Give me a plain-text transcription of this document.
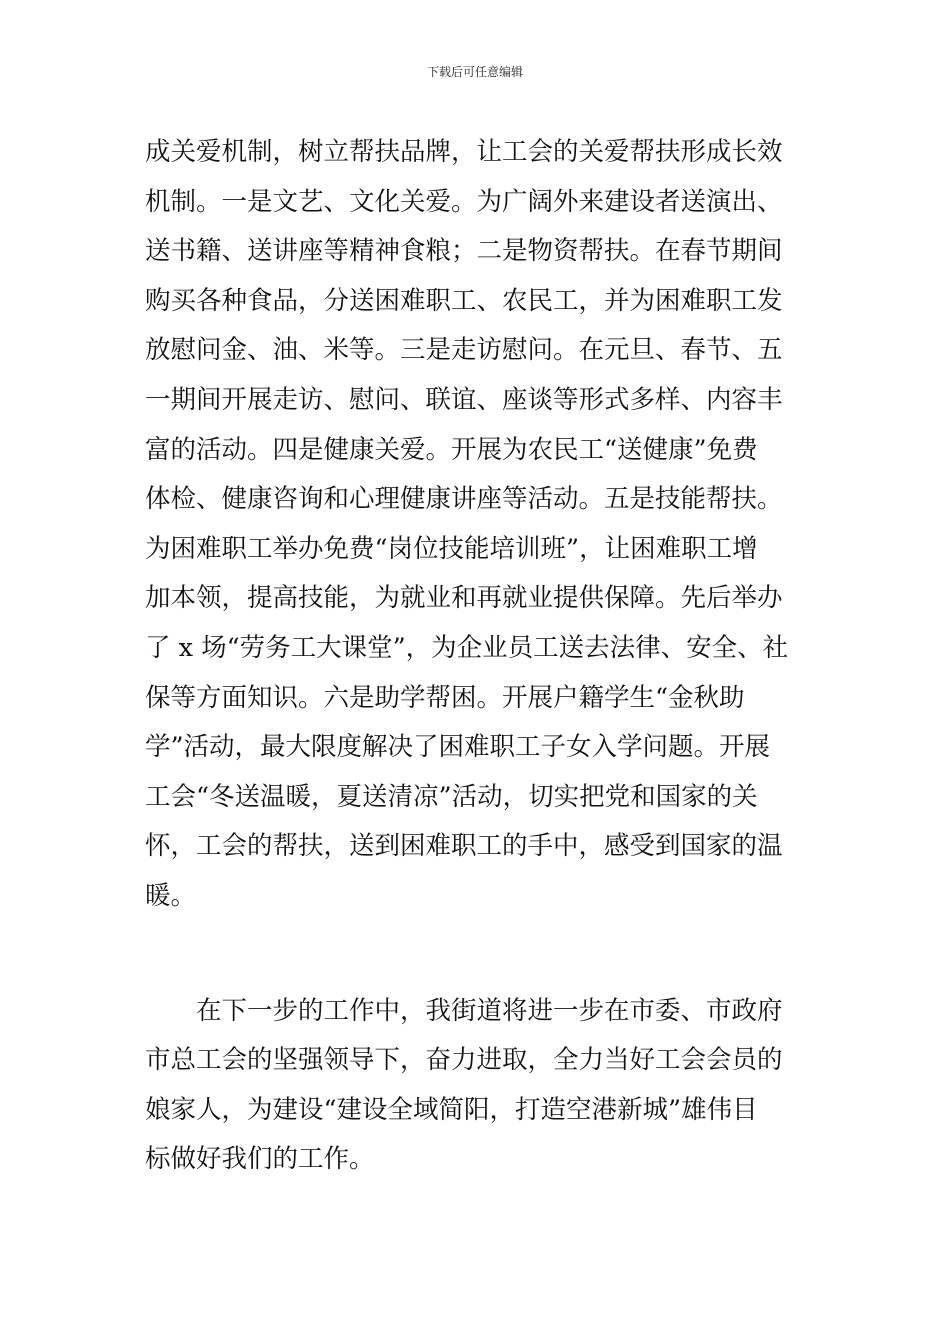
下载后可任意编辑
成关爱机制，树立帮扶品牌，让工会的关爱帮扶形成长效
机制。一是文艺、文化关爱。为广阔外来建设者送演出、
送书籍、送讲座等精神食粮；二是物资帮扶。在春节期间
购买各种食品，分送困难职工、农民工，并为困难职工发
放慰问金、油、米等。三是走访慰问。在元旦、春节、五
一期间开展走访、慰问、联谊、座谈等形式多样、内容丰
富的活动。四是健康关爱。开展为农民工“送健康”免费
体检、健康咨询和心理健康讲座等活动。五是技能帮扶。
为困难职工举办免费“岗位技能培训班”，让困难职工增
加本领，提高技能，为就业和再就业提供保障。先后举办
了 x 场“劳务工大课堂”，为企业员工送去法律、安全、社
保等方面知识。六是助学帮困。开展户籍学生“金秋助
学”活动，最大限度解决了困难职工子女入学问题。开展
工会“冬送温暖，夏送清凉”活动，切实把党和国家的关
怀，工会的帮扶，送到困难职工的手中，感受到国家的温
暖。
　　在下一步的工作中，我街道将进一步在市委、市政府
市总工会的坚强领导下，奋力进取，全力当好工会会员的
娘家人，为建设“建设全域简阳，打造空港新城”雄伟目
标做好我们的工作。
